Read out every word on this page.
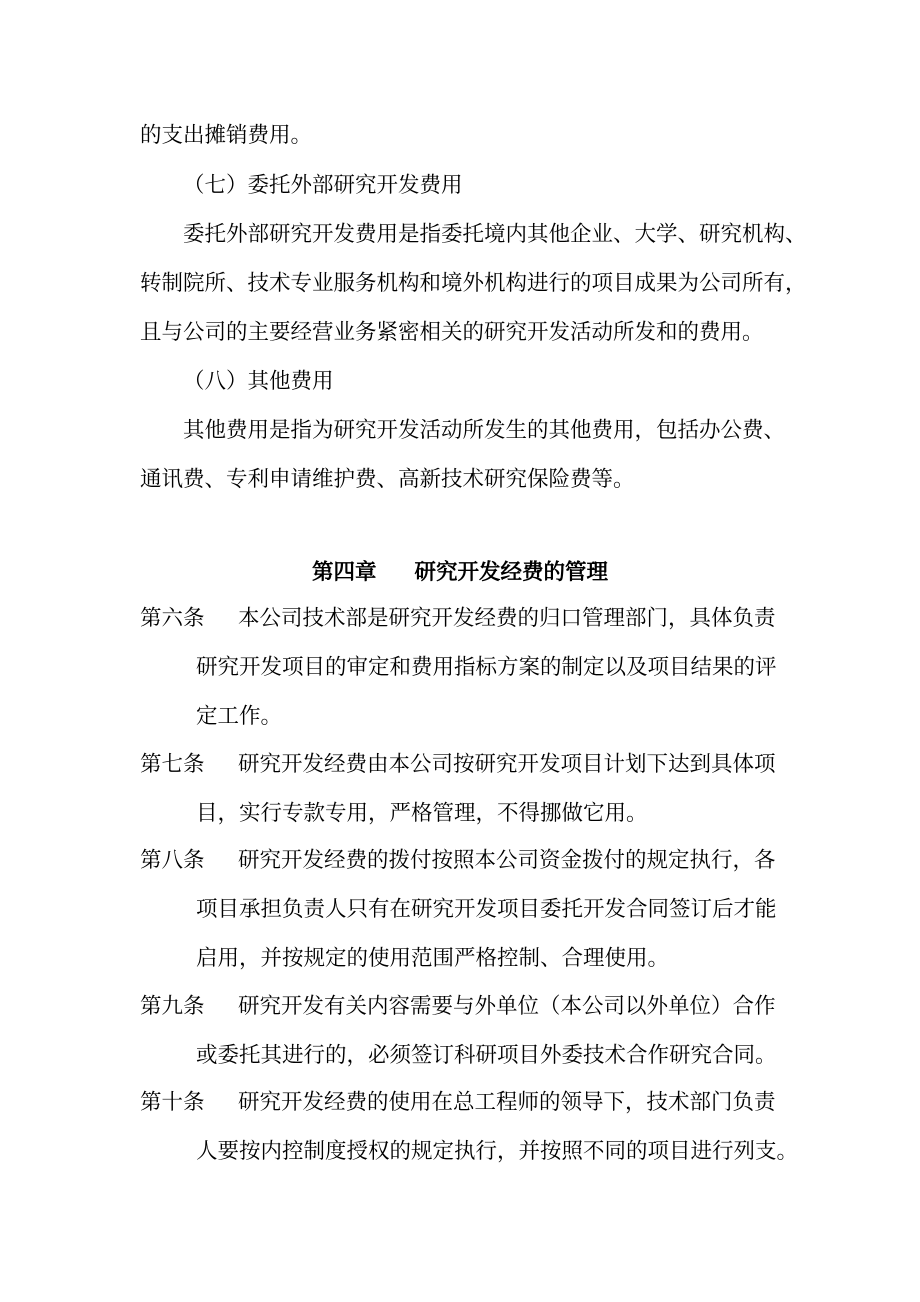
的支出摊销费用。
（七）委托外部研究开发费用
委托外部研究开发费用是指委托境内其他企业、大学、研究机构、
转制院所、技术专业服务机构和境外机构进行的项目成果为公司所有，
且与公司的主要经营业务紧密相关的研究开发活动所发和的费用。
（八）其他费用
其他费用是指为研究开发活动所发生的其他费用，包括办公费、
通讯费、专利申请维护费、高新技术研究保险费等。
第四章 研究开发经费的管理
第六条 本公司技术部是研究开发经费的归口管理部门，具体负责
研究开发项目的审定和费用指标方案的制定以及项目结果的评
定工作。
第七条 研究开发经费由本公司按研究开发项目计划下达到具体项
目，实行专款专用，严格管理，不得挪做它用。
第八条 研究开发经费的拨付按照本公司资金拨付的规定执行，各
项目承担负责人只有在研究开发项目委托开发合同签订后才能
启用，并按规定的使用范围严格控制、合理使用。
第九条 研究开发有关内容需要与外单位（本公司以外单位）合作
或委托其进行的，必须签订科研项目外委技术合作研究合同。
第十条 研究开发经费的使用在总工程师的领导下，技术部门负责
人要按内控制度授权的规定执行，并按照不同的项目进行列支。
